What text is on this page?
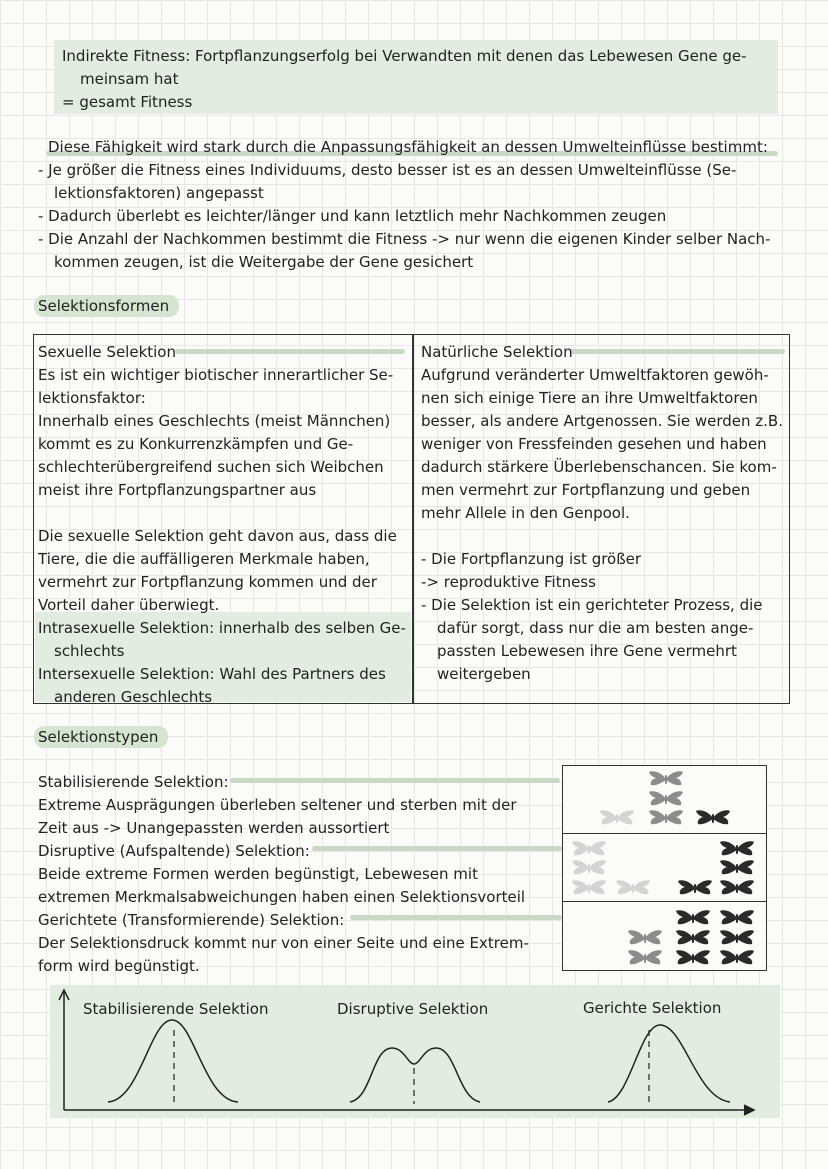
Indirekte Fitness: Fortpflanzungserfolg bei Verwandten mit denen das Lebewesen Gene ge-
meinsam hat
= gesamt Fitness
Diese Fähigkeit wird stark durch die Anpassungsfähigkeit an dessen Umwelteinflüsse bestimmt:
- Je größer die Fitness eines Individuums, desto besser ist es an dessen Umwelteinflüsse (Se-
lektionsfaktoren) angepasst
- Dadurch überlebt es leichter/länger und kann letztlich mehr Nachkommen zeugen
- Die Anzahl der Nachkommen bestimmt die Fitness -> nur wenn die eigenen Kinder selber Nach-
kommen zeugen, ist die Weitergabe der Gene gesichert
Selektionsformen
Sexuelle Selektion
Es ist ein wichtiger biotischer innerartlicher Se-
lektionsfaktor:
Innerhalb eines Geschlechts (meist Männchen)
kommt es zu Konkurrenzkämpfen und Ge-
schlechterübergreifend suchen sich Weibchen
meist ihre Fortpflanzungspartner aus
Die sexuelle Selektion geht davon aus, dass die
Tiere, die die auffälligeren Merkmale haben,
vermehrt zur Fortpflanzung kommen und der
Vorteil daher überwiegt.
Intrasexuelle Selektion: innerhalb des selben Ge-
schlechts
Intersexuelle Selektion: Wahl des Partners des
anderen Geschlechts
Natürliche Selektion
Aufgrund veränderter Umweltfaktoren gewöh-
nen sich einige Tiere an ihre Umweltfaktoren
besser, als andere Artgenossen. Sie werden z.B.
weniger von Fressfeinden gesehen und haben
dadurch stärkere Überlebenschancen. Sie kom-
men vermehrt zur Fortpflanzung und geben
mehr Allele in den Genpool.
- Die Fortpflanzung ist größer
-> reproduktive Fitness
- Die Selektion ist ein gerichteter Prozess, die
dafür sorgt, dass nur die am besten ange-
passten Lebewesen ihre Gene vermehrt
weitergeben
Selektionstypen
Stabilisierende Selektion:
Extreme Ausprägungen überleben seltener und sterben mit der
Zeit aus -> Unangepassten werden aussortiert
Disruptive (Aufspaltende) Selektion:
Beide extreme Formen werden begünstigt, Lebewesen mit
extremen Merkmalsabweichungen haben einen Selektionsvorteil
Gerichtete (Transformierende) Selektion:
Der Selektionsdruck kommt nur von einer Seite und eine Extrem-
form wird begünstigt.
Stabilisierende Selektion	Disruptive Selektion	Gerichte Selektion
